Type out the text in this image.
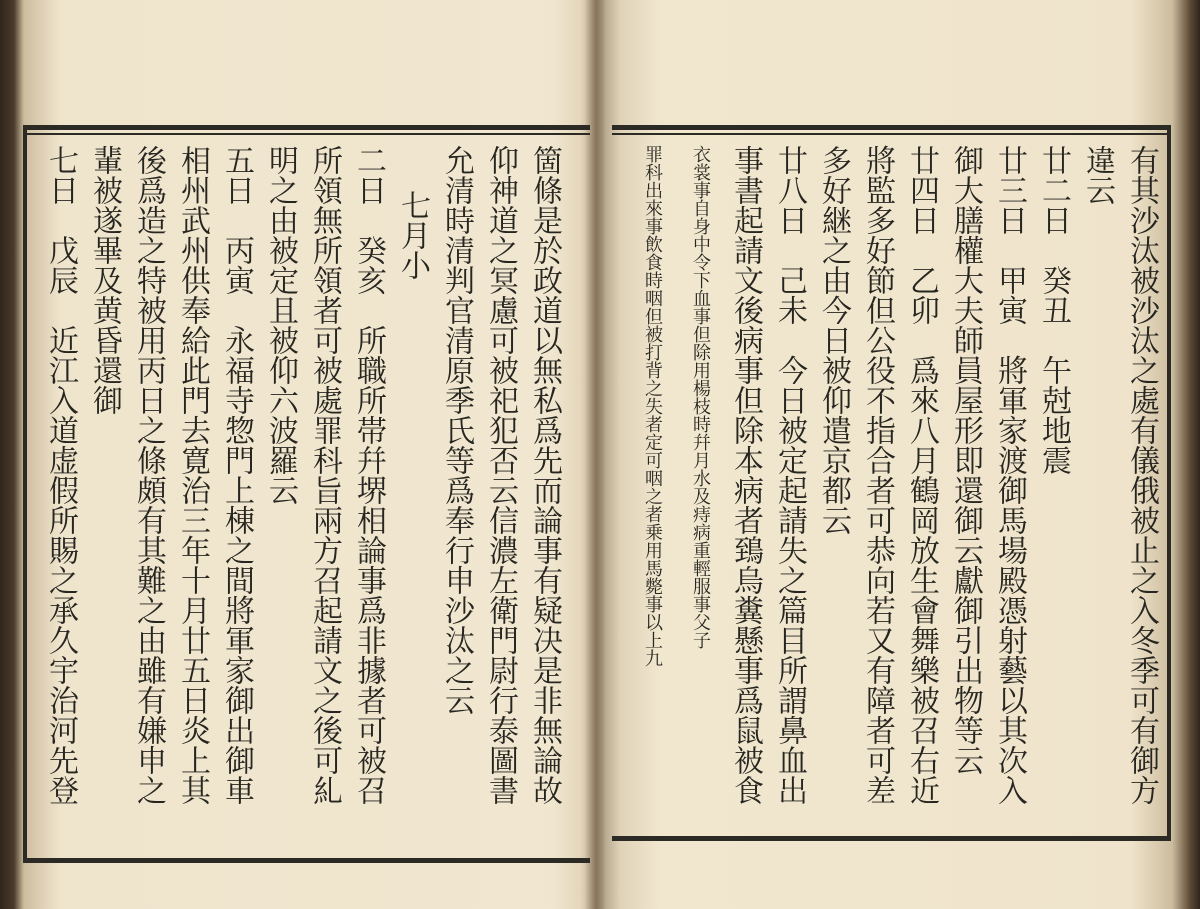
箇條是於政道以無私爲先而論事有疑决是非無論故
仰神道之冥慮可被祀犯否云信濃左衛門尉行泰圖書
允清時清判官清原季氏等爲奉行申沙汰之云
七月小
二日　癸亥　所職所帯幷堺相論事爲非據者可被召
所領無所領者可被處罪科旨兩方召起請文之後可糺
明之由被定且被仰六波羅云
五日　丙寅　永福寺惣門上棟之間將軍家御出御車
相州武州供奉給此門去寛治三年十月廿五日炎上其
後爲造之特被用丙日之條頗有其難之由雖有嫌申之
輩被遂畢及黄昏還御
七日　戊辰　近江入道虚假所賜之承久宇治河先登	有其沙汰被沙汰之處有儀俄被止之入冬季可有御方
違云
廿二日　癸丑　午尅地震
廿三日　甲寅　將軍家渡御馬場殿憑射藝以其次入
御大膳權大夫師員屋形即還御云獻御引出物等云
廿四日　乙卯　爲來八月鶴岡放生會舞樂被召右近
將監多好節但公役不指合者可恭向若又有障者可差
多好継之由今日被仰遣京都云
廿八日　己未　今日被定起請失之篇目所謂鼻血出
事書起請文後病事但除本病者鵄烏糞懸事爲鼠被食
衣裳事自身中令下血事但除用楊枝時幷月水及痔病重輕服事父子
罪科出來事飲食時咽但被打背之失者定可咽之者乗用馬斃事以上九
